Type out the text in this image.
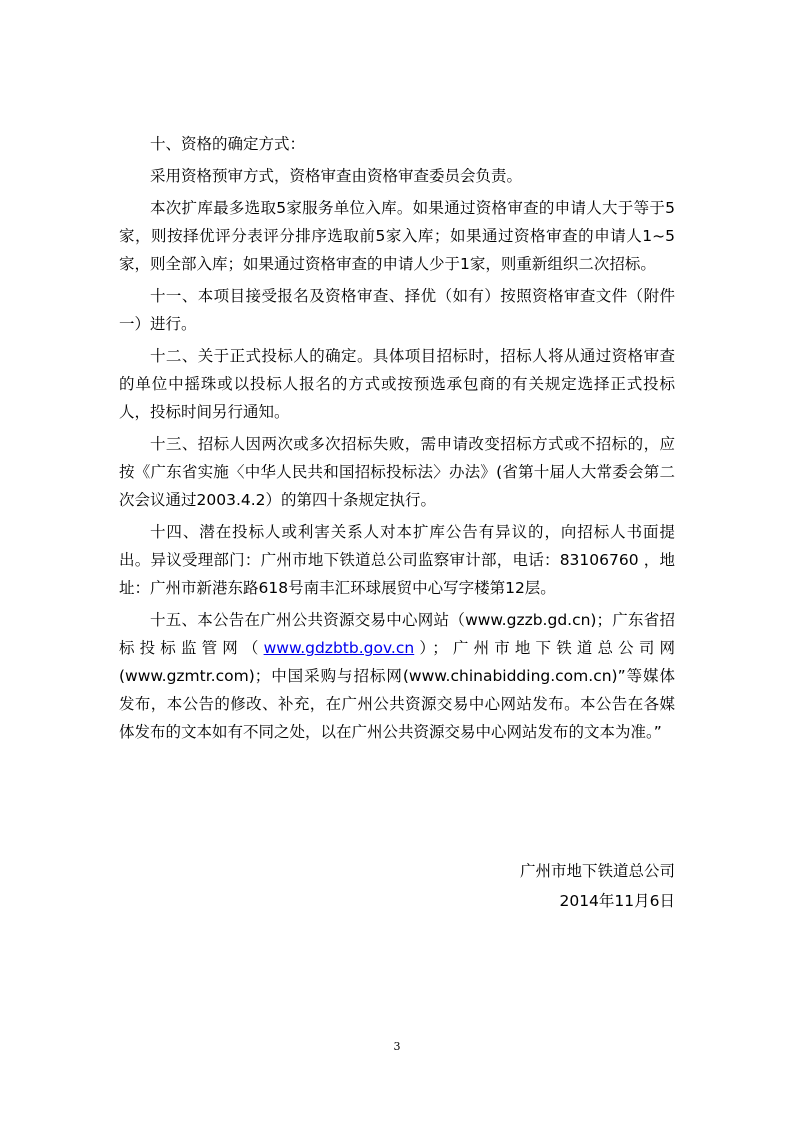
十、资格的确定方式：

采用资格预审方式，资格审查由资格审查委员会负责。

本次扩库最多选取5家服务单位入库。如果通过资格审查的申请人大于等于5家，则按择优评分表评分排序选取前5家入库；如果通过资格审查的申请人1~5家，则全部入库；如果通过资格审查的申请人少于1家，则重新组织二次招标。

十一、本项目接受报名及资格审查、择优（如有）按照资格审查文件（附件一）进行。

十二、关于正式投标人的确定。具体项目招标时，招标人将从通过资格审查的单位中摇珠或以投标人报名的方式或按预选承包商的有关规定选择正式投标人，投标时间另行通知。

十三、招标人因两次或多次招标失败，需申请改变招标方式或不招标的，应按《广东省实施〈中华人民共和国招标投标法〉办法》(省第十届人大常委会第二次会议通过2003.4.2）的第四十条规定执行。

十四、潜在投标人或利害关系人对本扩库公告有异议的，向招标人书面提出。异议受理部门：广州市地下铁道总公司监察审计部，电话：83106760 ，地址：广州市新港东路618号南丰汇环球展贸中心写字楼第12层。

十五、本公告在广州公共资源交易中心网站（www.gzzb.gd.cn)；广东省招标投标监管网（www.gdzbtb.gov.cn）；广州市地下铁道总公司网(www.gzmtr.com)；中国采购与招标网(www.chinabidding.com.cn)”等媒体发布，本公告的修改、补充，在广州公共资源交易中心网站发布。本公告在各媒体发布的文本如有不同之处，以在广州公共资源交易中心网站发布的文本为准。”

广州市地下铁道总公司
2014年11月6日
3
